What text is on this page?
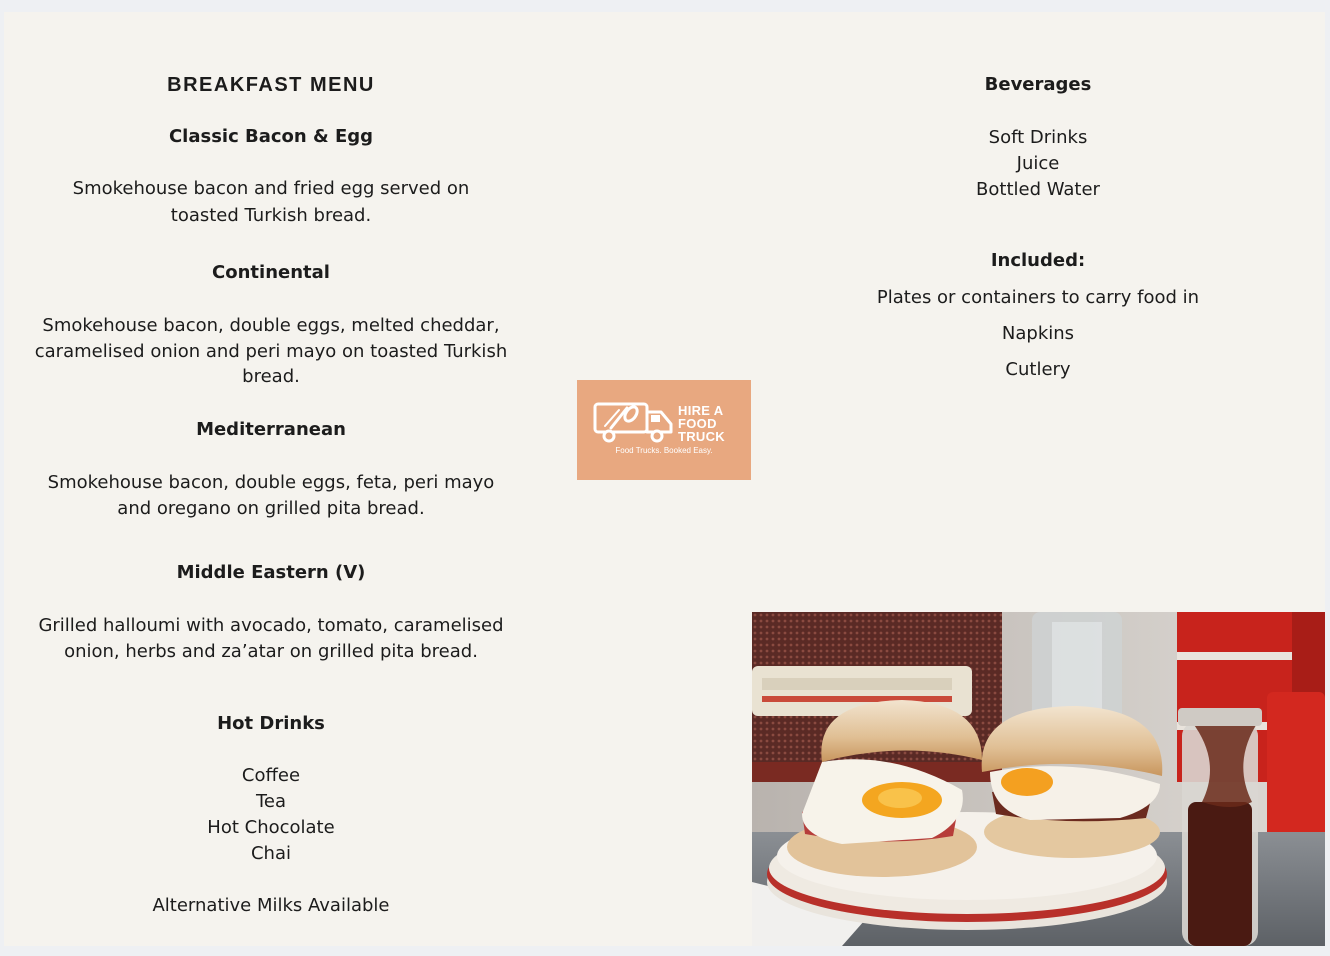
BREAKFAST MENU

Classic Bacon & Egg

Smokehouse bacon and fried egg served on

toasted Turkish bread.

Continental

Smokehouse bacon, double eggs, melted cheddar,

caramelised onion and peri mayo on toasted Turkish

bread.

Mediterranean

Smokehouse bacon, double eggs, feta, peri mayo

and oregano on grilled pita bread.

Middle Eastern (V)

Grilled halloumi with avocado, tomato, caramelised

onion, herbs and za’atar on grilled pita bread.

Hot Drinks

Coffee

Tea

Hot Chocolate

Chai

Alternative Milks Available

Beverages

Soft Drinks

Juice

Bottled Water

Included:

Plates or containers to carry food in

Napkins

Cutlery

HIRE A
FOOD
TRUCK
Food Trucks. Booked Easy.
